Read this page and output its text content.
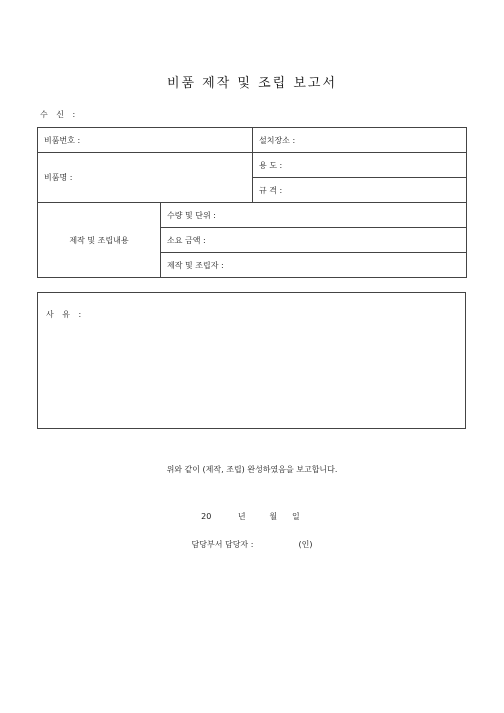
비품 제작 및 조립 보고서
수 신 :
비품번호 :		설치장소 :
비품명 :		용 도 :
		규 격 :
제작 및 조립내용	수량 및 단위 :	
	소요 금액 :	
	제작 및 조립자 :	
사 유 :
위와 같이 (제작, 조립) 완성하였음을 보고합니다.
20	년	월 일
담당부서 담당자 :	(인)
